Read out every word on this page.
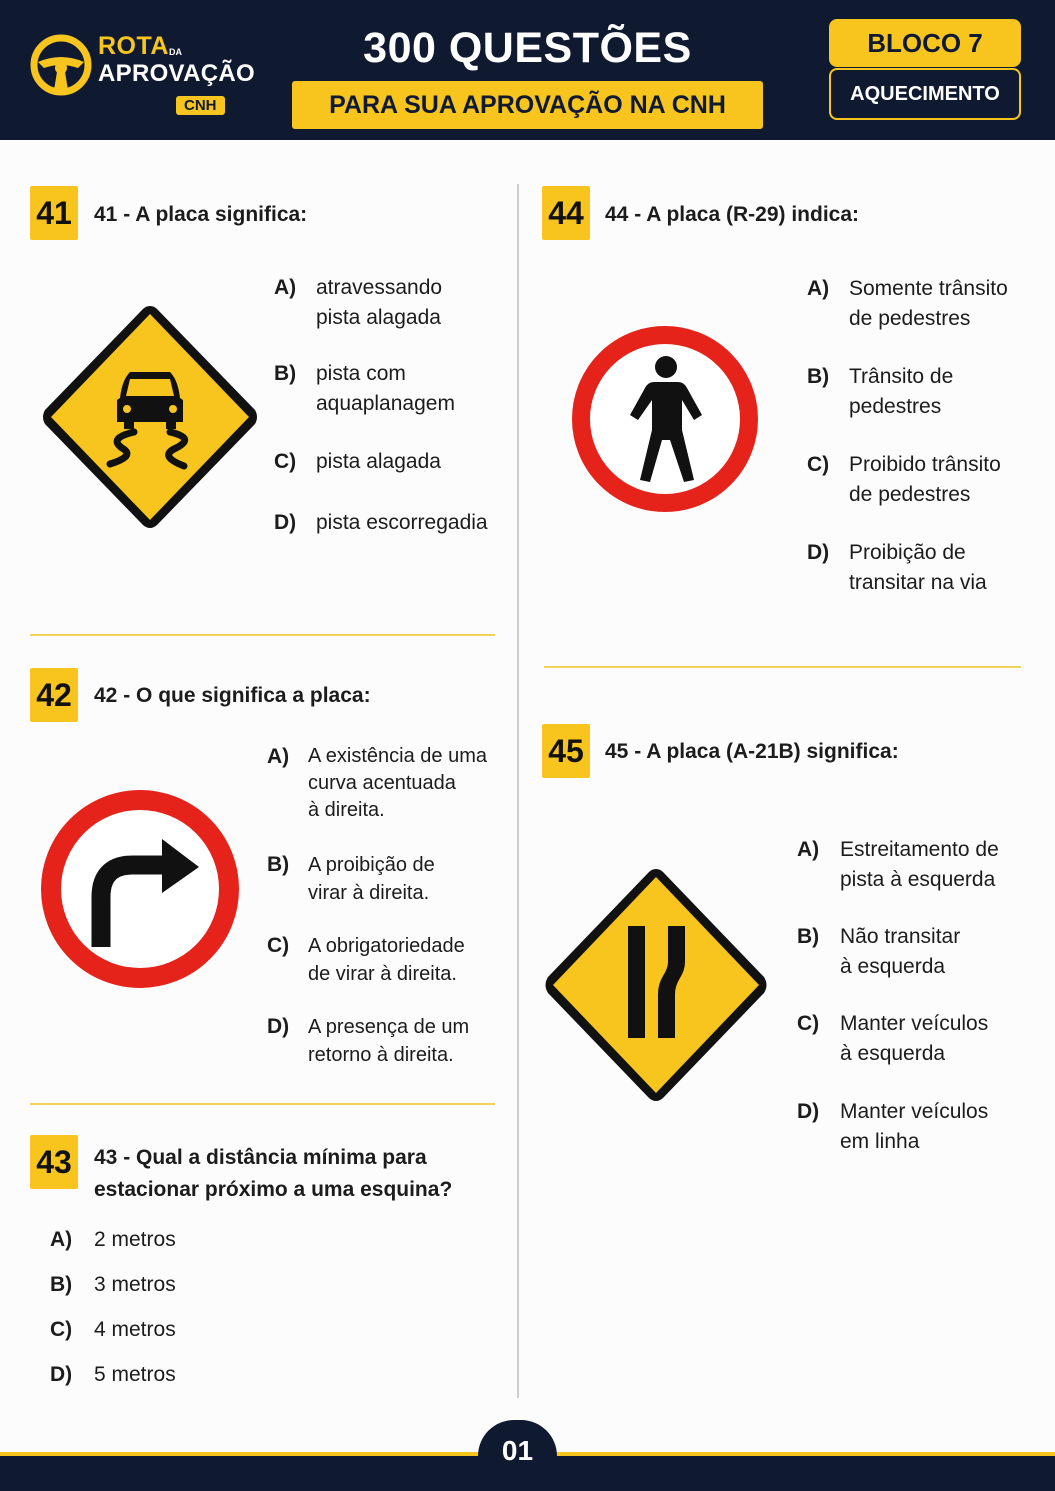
ROTA DA
APROVAÇÃO
CNH
300 QUESTÕES
PARA SUA APROVAÇÃO NA CNH
BLOCO 7
AQUECIMENTO
41 41 - A placa significa:
A) atravessando
pista alagada
B) pista com
aquaplanagem
C) pista alagada
D) pista escorregadia
42 42 - O que significa a placa:
A) A existência de uma
curva acentuada
à direita.
B) A proibição de
virar à direita.
C) A obrigatoriedade
de virar à direita.
D) A presença de um
retorno à direita.
43 43 - Qual a distância mínima para
estacionar próximo a uma esquina?
A)	2 metros
B)	3 metros
C)	4 metros
D)	5 metros
44 44 - A placa (R-29) indica:
A) Somente trânsito
de pedestres
B) Trânsito de
pedestres
C) Proibido trânsito
de pedestres
D) Proibição de
transitar na via
45 45 - A placa (A-21B) significa:
A) Estreitamento de
pista à esquerda
B) Não transitar
à esquerda
C) Manter veículos
à esquerda
D) Manter veículos
em linha
01
